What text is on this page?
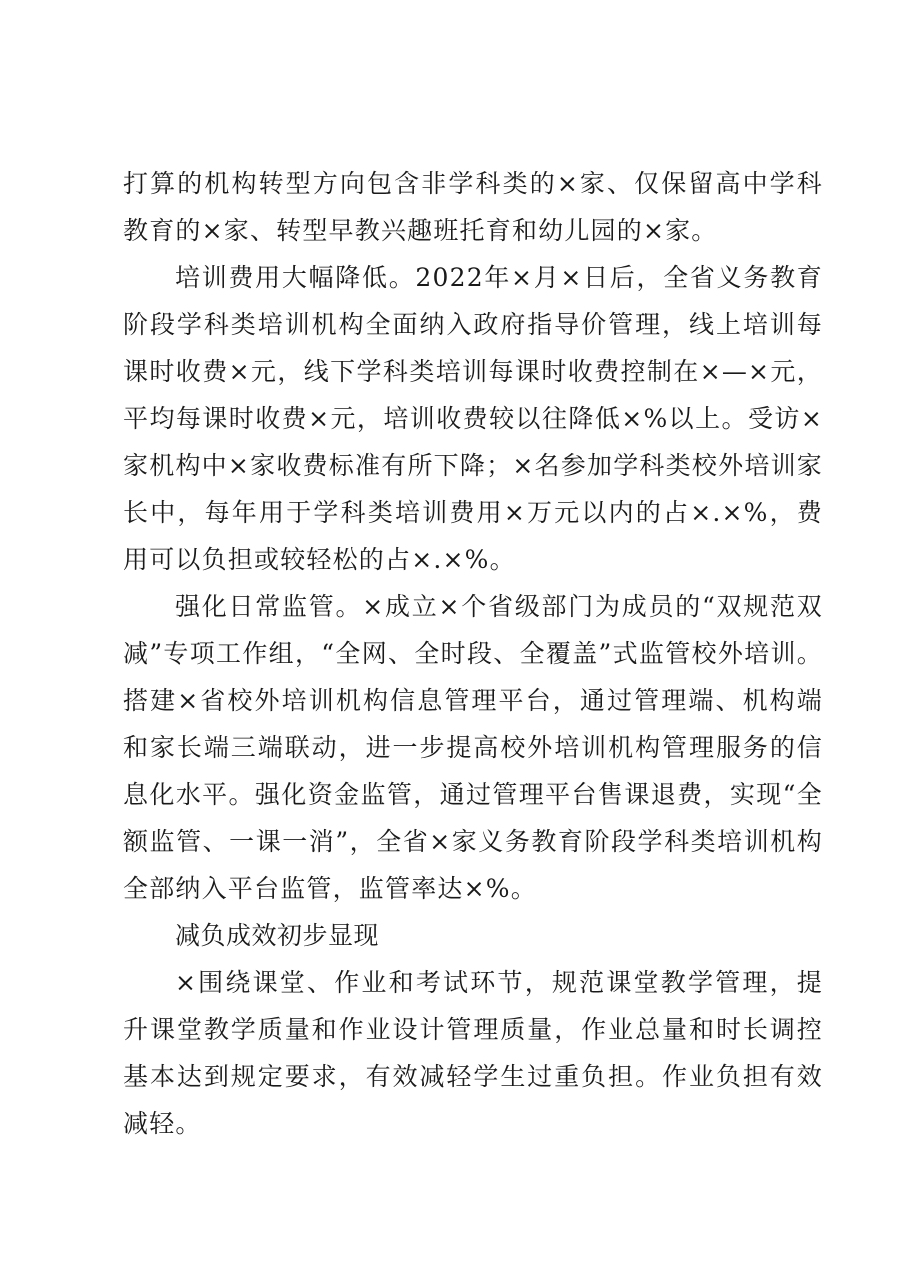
打算的机构转型方向包含非学科类的×家、仅保留高中学科教育的×家、转型早教兴趣班托育和幼儿园的×家。

培训费用大幅降低。2022年×月×日后，全省义务教育阶段学科类培训机构全面纳入政府指导价管理，线上培训每课时收费×元，线下学科类培训每课时收费控制在×—×元，平均每课时收费×元，培训收费较以往降低×%以上。受访×家机构中×家收费标准有所下降；×名参加学科类校外培训家长中，每年用于学科类培训费用×万元以内的占×.×%，费用可以负担或较轻松的占×.×%。

强化日常监管。×成立×个省级部门为成员的“双规范双减”专项工作组，“全网、全时段、全覆盖”式监管校外培训。搭建×省校外培训机构信息管理平台，通过管理端、机构端和家长端三端联动，进一步提高校外培训机构管理服务的信息化水平。强化资金监管，通过管理平台售课退费，实现“全额监管、一课一消”，全省×家义务教育阶段学科类培训机构全部纳入平台监管，监管率达×%。

减负成效初步显现

×围绕课堂、作业和考试环节，规范课堂教学管理，提升课堂教学质量和作业设计管理质量，作业总量和时长调控基本达到规定要求，有效减轻学生过重负担。作业负担有效减轻。
